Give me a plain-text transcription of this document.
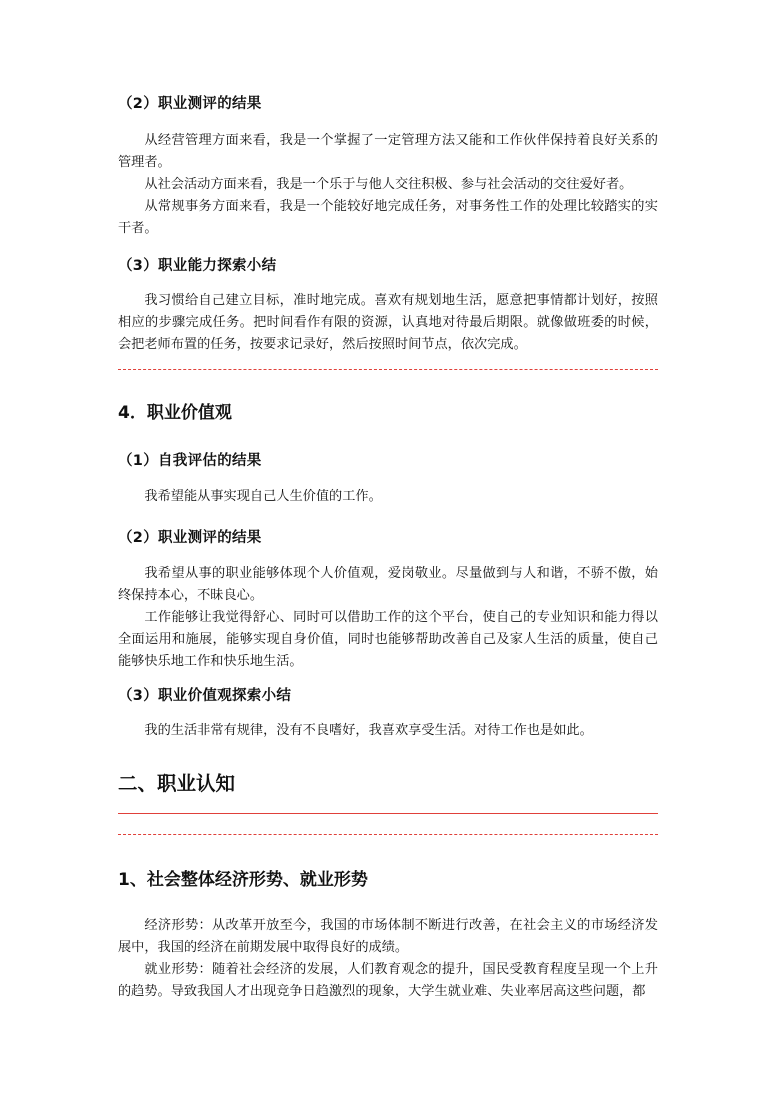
（2）职业测评的结果
从经营管理方面来看，我是一个掌握了一定管理方法又能和工作伙伴保持着良好关系的管理者。
从社会活动方面来看，我是一个乐于与他人交往积极、参与社会活动的交往爱好者。
从常规事务方面来看，我是一个能较好地完成任务，对事务性工作的处理比较踏实的实干者。
（3）职业能力探索小结
我习惯给自己建立目标，准时地完成。喜欢有规划地生活，愿意把事情都计划好，按照相应的步骤完成任务。把时间看作有限的资源，认真地对待最后期限。就像做班委的时候，会把老师布置的任务，按要求记录好，然后按照时间节点，依次完成。
4．职业价值观
（1）自我评估的结果
我希望能从事实现自己人生价值的工作。
（2）职业测评的结果
我希望从事的职业能够体现个人价值观，爱岗敬业。尽量做到与人和谐，不骄不傲，始终保持本心，不昧良心。
工作能够让我觉得舒心、同时可以借助工作的这个平台，使自己的专业知识和能力得以全面运用和施展，能够实现自身价值，同时也能够帮助改善自己及家人生活的质量，使自己能够快乐地工作和快乐地生活。
（3）职业价值观探索小结
我的生活非常有规律，没有不良嗜好，我喜欢享受生活。对待工作也是如此。
二、职业认知
1、社会整体经济形势、就业形势
经济形势：从改革开放至今，我国的市场体制不断进行改善，在社会主义的市场经济发展中，我国的经济在前期发展中取得良好的成绩。
就业形势：随着社会经济的发展，人们教育观念的提升，国民受教育程度呈现一个上升的趋势。导致我国人才出现竞争日趋激烈的现象，大学生就业难、失业率居高这些问题，都
